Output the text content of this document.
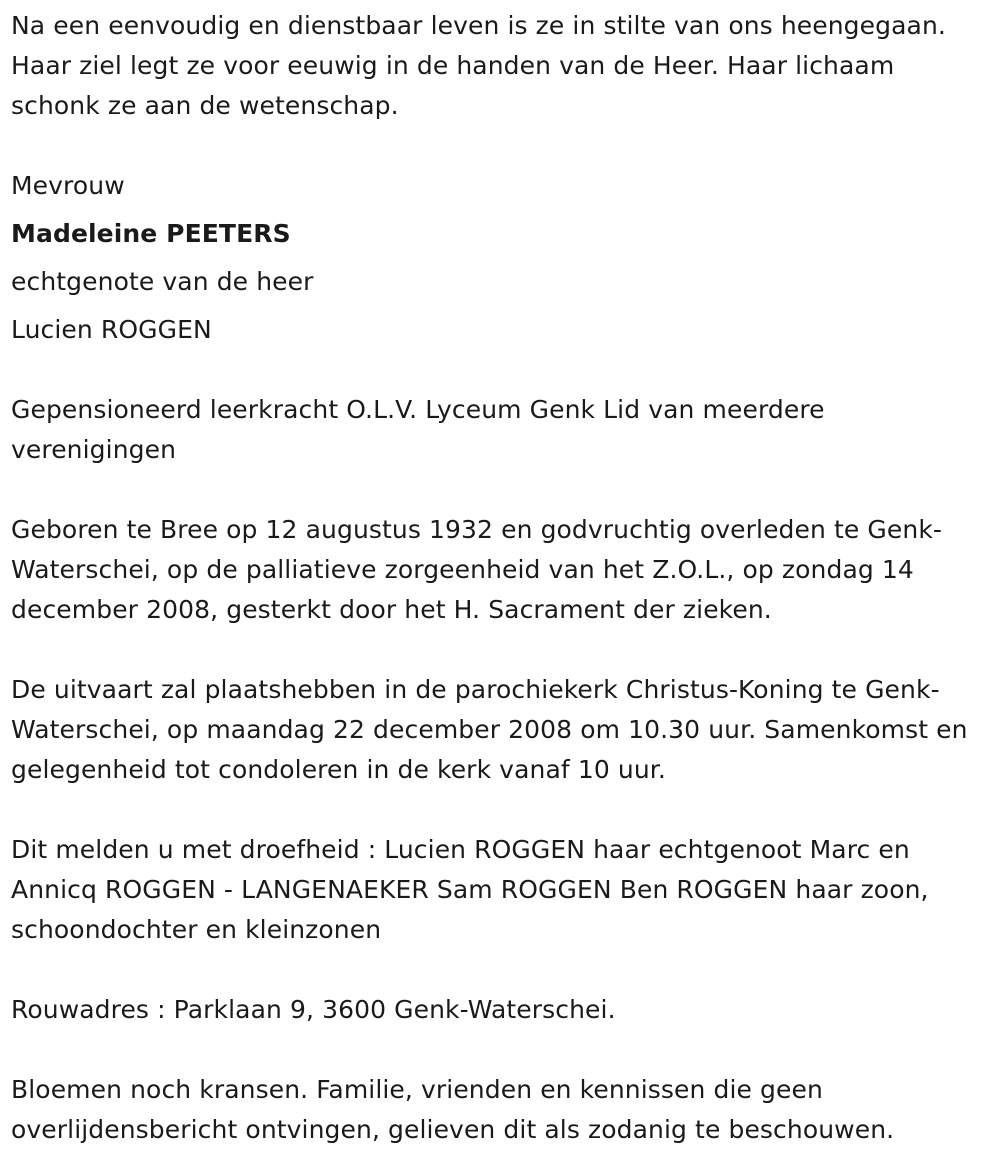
Na een eenvoudig en dienstbaar leven is ze in stilte van ons heengegaan. Haar ziel legt ze voor eeuwig in de handen van de Heer. Haar lichaam schonk ze aan de wetenschap.

Mevrouw

Madeleine PEETERS

echtgenote van de heer

Lucien ROGGEN

Gepensioneerd leerkracht O.L.V. Lyceum Genk Lid van meerdere verenigingen

Geboren te Bree op 12 augustus 1932 en godvruchtig overleden te Genk-Waterschei, op de palliatieve zorgeenheid van het Z.O.L., op zondag 14 december 2008, gesterkt door het H. Sacrament der zieken.

De uitvaart zal plaatshebben in de parochiekerk Christus-Koning te Genk-Waterschei, op maandag 22 december 2008 om 10.30 uur. Samenkomst en gelegenheid tot condoleren in de kerk vanaf 10 uur.

Dit melden u met droefheid : Lucien ROGGEN haar echtgenoot Marc en Annicq ROGGEN - LANGENAEKER Sam ROGGEN Ben ROGGEN haar zoon, schoondochter en kleinzonen

Rouwadres : Parklaan 9, 3600 Genk-Waterschei.

Bloemen noch kransen. Familie, vrienden en kennissen die geen overlijdensbericht ontvingen, gelieven dit als zodanig te beschouwen.
